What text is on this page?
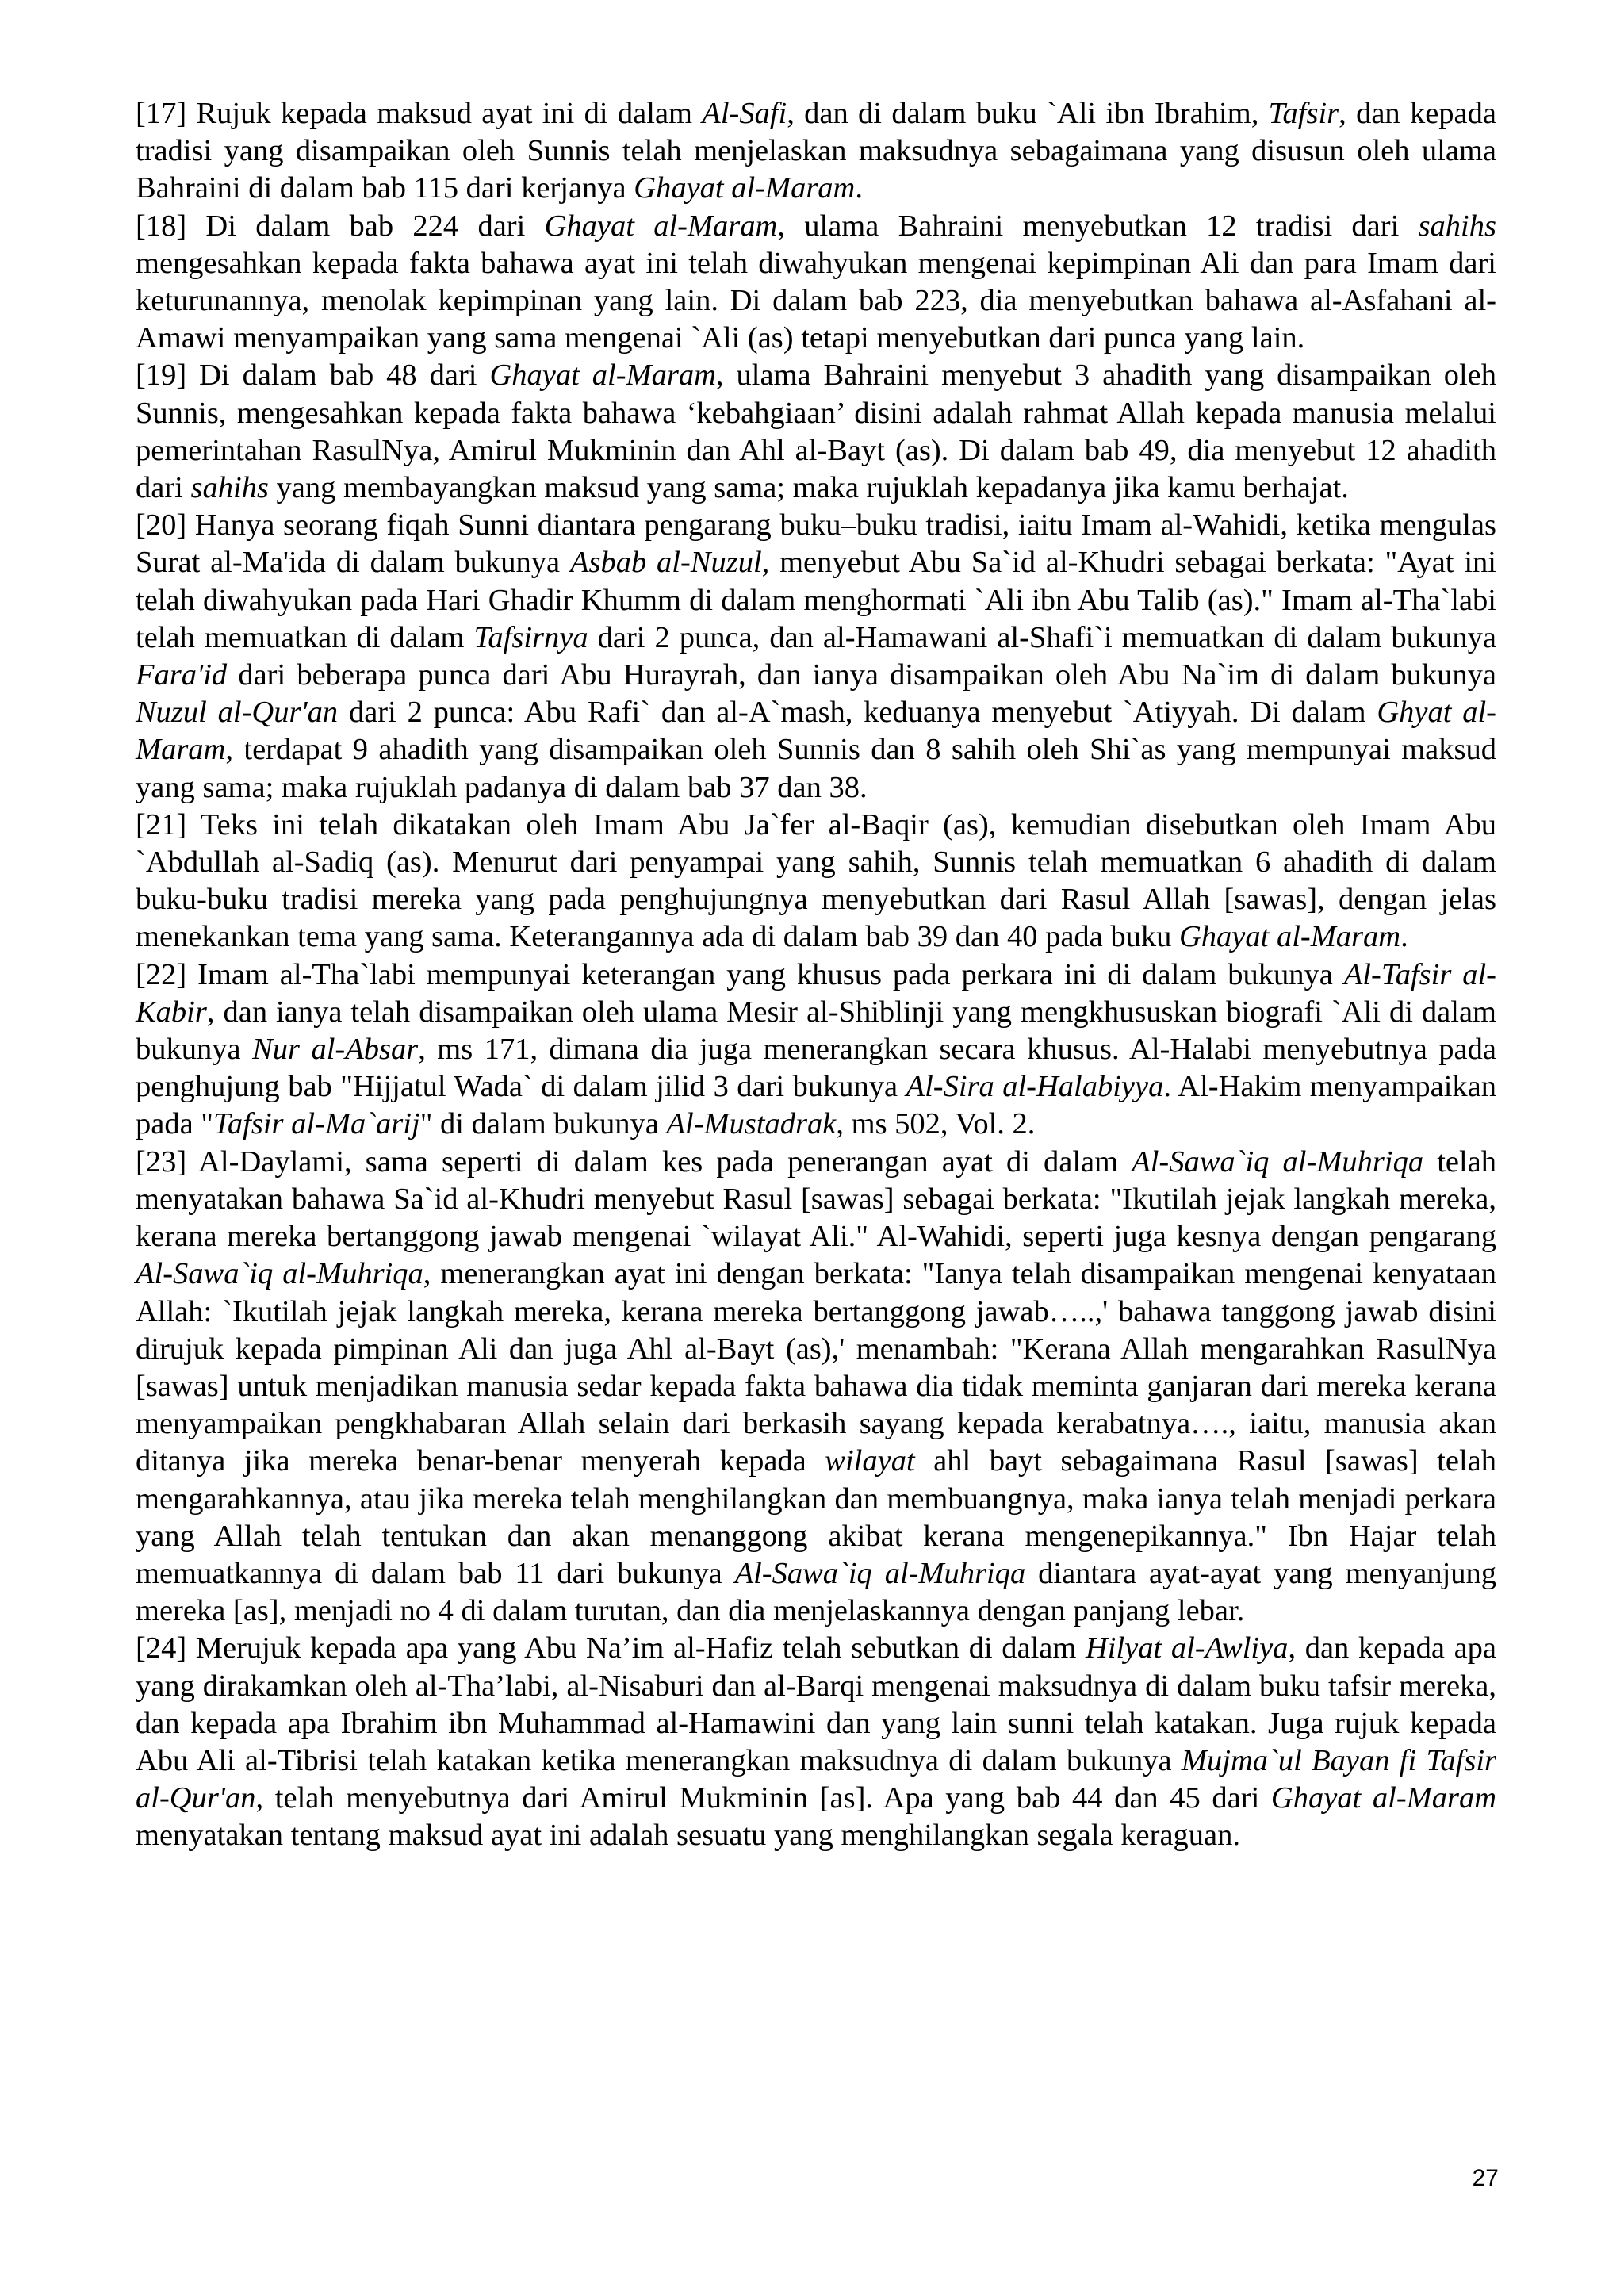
[17] Rujuk kepada maksud ayat ini di dalam Al-Safi, dan di dalam buku `Ali ibn Ibrahim, Tafsir, dan kepada tradisi yang disampaikan oleh Sunnis telah menjelaskan maksudnya sebagaimana yang disusun oleh ulama Bahraini di dalam bab 115 dari kerjanya Ghayat al-Maram.

[18] Di dalam bab 224 dari Ghayat al-Maram, ulama Bahraini menyebutkan 12 tradisi dari sahihs mengesahkan kepada fakta bahawa ayat ini telah diwahyukan mengenai kepimpinan Ali dan para Imam dari keturunannya, menolak kepimpinan yang lain. Di dalam bab 223, dia menyebutkan bahawa al-Asfahani al-Amawi menyampaikan yang sama mengenai `Ali (as) tetapi menyebutkan dari punca yang lain.

[19] Di dalam bab 48 dari Ghayat al-Maram, ulama Bahraini menyebut 3 ahadith yang disampaikan oleh Sunnis, mengesahkan kepada fakta bahawa ‘kebahgiaan’ disini adalah rahmat Allah kepada manusia melalui pemerintahan RasulNya, Amirul Mukminin dan Ahl al-Bayt (as). Di dalam bab 49, dia menyebut 12 ahadith dari sahihs yang membayangkan maksud yang sama; maka rujuklah kepadanya jika kamu berhajat.

[20] Hanya seorang fiqah Sunni diantara pengarang buku–buku tradisi, iaitu Imam al-Wahidi, ketika mengulas Surat al-Ma'ida di dalam bukunya Asbab al-Nuzul, menyebut Abu Sa`id al-Khudri sebagai berkata: "Ayat ini telah diwahyukan pada Hari Ghadir Khumm di dalam menghormati `Ali ibn Abu Talib (as)." Imam al-Tha`labi telah memuatkan di dalam Tafsirnya dari 2 punca, dan al-Hamawani al-Shafi`i memuatkan di dalam bukunya Fara'id dari beberapa punca dari Abu Hurayrah, dan ianya disampaikan oleh Abu Na`im di dalam bukunya Nuzul al-Qur'an dari 2 punca: Abu Rafi` dan al-A`mash, keduanya menyebut `Atiyyah. Di dalam Ghyat al-Maram, terdapat 9 ahadith yang disampaikan oleh Sunnis dan 8 sahih oleh Shi`as yang mempunyai maksud yang sama; maka rujuklah padanya di dalam bab 37 dan 38.

[21] Teks ini telah dikatakan oleh Imam Abu Ja`fer al-Baqir (as), kemudian disebutkan oleh Imam Abu `Abdullah al-Sadiq (as). Menurut dari penyampai yang sahih, Sunnis telah memuatkan 6 ahadith di dalam buku-buku tradisi mereka yang pada penghujungnya menyebutkan dari Rasul Allah [sawas], dengan jelas menekankan tema yang sama. Keterangannya ada di dalam bab 39 dan 40 pada buku Ghayat al-Maram.

[22] Imam al-Tha`labi mempunyai keterangan yang khusus pada perkara ini di dalam bukunya Al-Tafsir al-Kabir, dan ianya telah disampaikan oleh ulama Mesir al-Shiblinji yang mengkhususkan biografi `Ali di dalam bukunya Nur al-Absar, ms 171, dimana dia juga menerangkan secara khusus. Al-Halabi menyebutnya pada penghujung bab "Hijjatul Wada` di dalam jilid 3 dari bukunya Al-Sira al-Halabiyya. Al-Hakim menyampaikan pada "Tafsir al-Ma`arij" di dalam bukunya Al-Mustadrak, ms 502, Vol. 2.

[23] Al-Daylami, sama seperti di dalam kes pada penerangan ayat di dalam Al-Sawa`iq al-Muhriqa telah menyatakan bahawa Sa`id al-Khudri menyebut Rasul [sawas] sebagai berkata: "Ikutilah jejak langkah mereka, kerana mereka bertanggong jawab mengenai `wilayat Ali." Al-Wahidi, seperti juga kesnya dengan pengarang Al-Sawa`iq al-Muhriqa, menerangkan ayat ini dengan berkata: "Ianya telah disampaikan mengenai kenyataan Allah: `Ikutilah jejak langkah mereka, kerana mereka bertanggong jawab…..,' bahawa tanggong jawab disini dirujuk kepada pimpinan Ali dan juga Ahl al-Bayt (as),' menambah: "Kerana Allah mengarahkan RasulNya [sawas] untuk menjadikan manusia sedar kepada fakta bahawa dia tidak meminta ganjaran dari mereka kerana menyampaikan pengkhabaran Allah selain dari berkasih sayang kepada kerabatnya…., iaitu, manusia akan ditanya jika mereka benar-benar menyerah kepada wilayat ahl bayt sebagaimana Rasul [sawas] telah mengarahkannya, atau jika mereka telah menghilangkan dan membuangnya, maka ianya telah menjadi perkara yang Allah telah tentukan dan akan menanggong akibat kerana mengenepikannya." Ibn Hajar telah memuatkannya di dalam bab 11 dari bukunya Al-Sawa`iq al-Muhriqa diantara ayat-ayat yang menyanjung mereka [as], menjadi no 4 di dalam turutan, dan dia menjelaskannya dengan panjang lebar.

[24] Merujuk kepada apa yang Abu Na’im al-Hafiz telah sebutkan di dalam Hilyat al-Awliya, dan kepada apa yang dirakamkan oleh al-Tha’labi, al-Nisaburi dan al-Barqi mengenai maksudnya di dalam buku tafsir mereka, dan kepada apa Ibrahim ibn Muhammad al-Hamawini dan yang lain sunni telah katakan. Juga rujuk kepada Abu Ali al-Tibrisi telah katakan ketika menerangkan maksudnya di dalam bukunya Mujma`ul Bayan fi Tafsir al-Qur'an, telah menyebutnya dari Amirul Mukminin [as]. Apa yang bab 44 dan 45 dari Ghayat al-Maram menyatakan tentang maksud ayat ini adalah sesuatu yang menghilangkan segala keraguan.

27
